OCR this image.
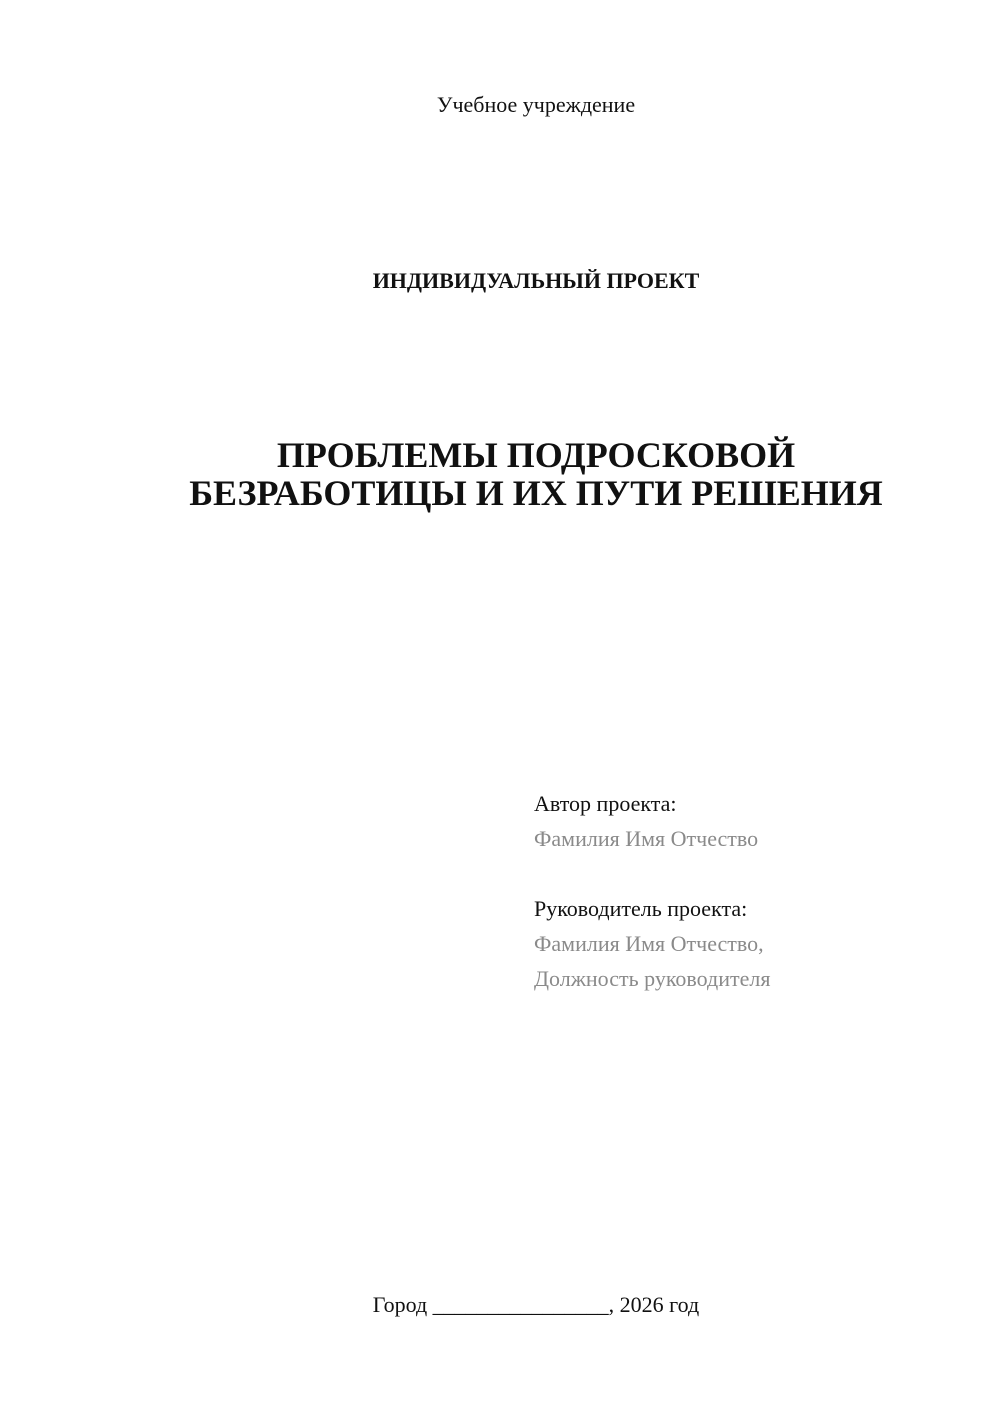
Учебное учреждение
ИНДИВИДУАЛЬНЫЙ ПРОЕКТ
ПРОБЛЕМЫ ПОДРОСКОВОЙ
БЕЗРАБОТИЦЫ И ИХ ПУТИ РЕШЕНИЯ
Автор проекта:
Фамилия Имя Отчество
Руководитель проекта:
Фамилия Имя Отчество,
Должность руководителя
Город ________________, 2026 год
